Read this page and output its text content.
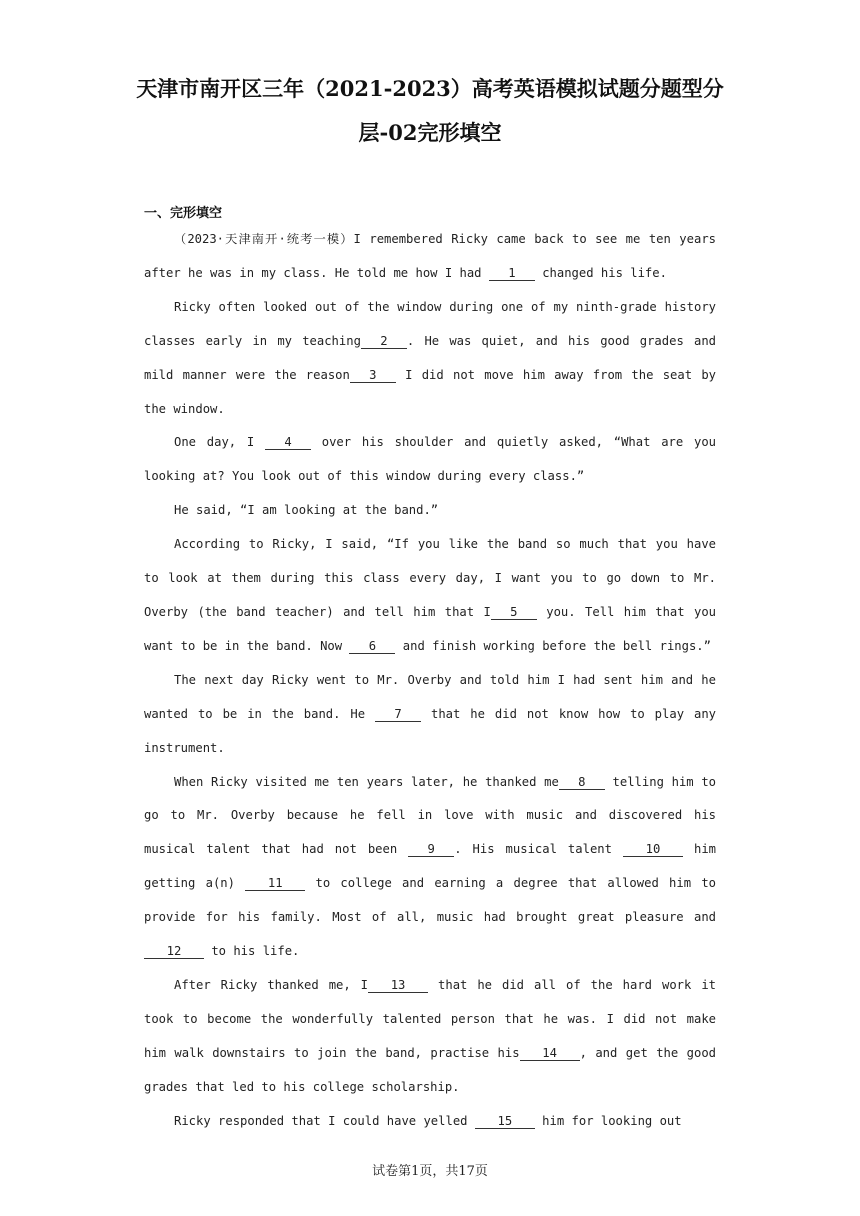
天津市南开区三年（2021-2023）高考英语模拟试题分题型分
层-02完形填空
一、完形填空

（2023·天津南开·统考一模）I remembered Ricky came back to see me ten years after he was in my class. He told me how I had 1 changed his life.

Ricky often looked out of the window during one of my ninth-grade history classes early in my teaching 2 . He was quiet, and his good grades and mild manner were the reason 3 I did not move him away from the seat by the window.

One day, I 4 over his shoulder and quietly asked, “What are you looking at? You look out of this window during every class.”

He said, “I am looking at the band.”

According to Ricky, I said, “If you like the band so much that you have to look at them during this class every day, I want you to go down to Mr. Overby (the band teacher) and tell him that I 5 you. Tell him that you want to be in the band. Now 6 and finish working before the bell rings.”

The next day Ricky went to Mr. Overby and told him I had sent him and he wanted to be in the band. He 7 that he did not know how to play any instrument.

When Ricky visited me ten years later, he thanked me 8 telling him to go to Mr. Overby because he fell in love with music and discovered his musical talent that had not been 9 . His musical talent 10 him getting a(n) 11 to college and earning a degree that allowed him to provide for his family. Most of all, music had brought great pleasure and 12 to his life.

After Ricky thanked me, I 13 that he did all of the hard work it took to become the wonderfully talented person that he was. I did not make him walk downstairs to join the band, practise his 14 , and get the good grades that led to his college scholarship.

Ricky responded that I could have yelled 15 him for looking out

试卷第1页，共17页
